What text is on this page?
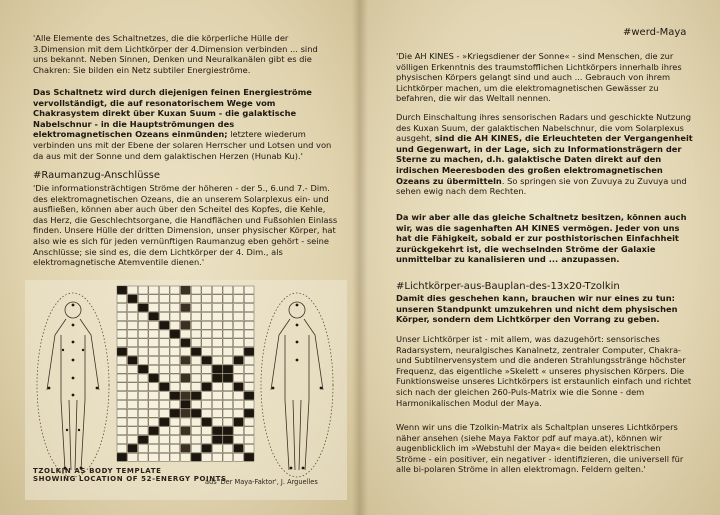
'Alle Elemente des Schaltnetzes, die die körperliche Hülle der 3.Dimension mit dem Lichtkörper der 4.Dimension verbinden ... sind uns bekannt. Neben Sinnen, Denken und Neuralkanälen gibt es die Chakren: Sie bilden ein Netz subtiler Energieströme.

Das Schaltnetz wird durch diejenigen feinen Energieströme vervollständigt, die auf resonatorischem Wege vom Chakrasystem direkt über Kuxan Suum - die galaktische Nabelschnur - in die Hauptströmungen des elektromagnetischen Ozeans einmünden; letztere wiederum verbinden uns mit der Ebene der solaren Herrscher und Lotsen und von da aus mit der Sonne und dem galaktischen Herzen (Hunab Ku).'

#Raumanzug-Anschlüsse

'Die informationsträchtigen Ströme der höheren - der 5., 6.und 7.- Dim. des elektromagnetischen Ozeans, die an unserem Solarplexus ein- und ausfließen, können aber auch über den Scheitel des Kopfes, die Kehle, das Herz, die Geschlechtsorgane, die Handflächen und Fußsohlen Einlass finden. Unsere Hülle der dritten Dimension, unser physischer Körper, hat also wie es sich für jeden vernünftigen Raumanzug eben gehört - seine Anschlüsse; sie sind es, die dem Lichtkörper der 4. Dim., als elektromagnetische Atemventile dienen.'

TZOLKIN AS BODY TEMPLATE
SHOWING LOCATION OF 52-ENERGY POINTS
aus 'Der Maya-Faktor', J. Arguelles
#werd-Maya

'Die AH KINES - »Kriegsdiener der Sonne« - sind Menschen, die zur völligen Erkenntnis des traumstofflichen Lichtkörpers innerhalb ihres physischen Körpers gelangt sind und auch ... Gebrauch von ihrem Lichtkörper machen, um die elektromagnetischen Gewässer zu befahren, die wir das Weltall nennen.

Durch Einschaltung ihres sensorischen Radars und geschickte Nutzung des Kuxan Suum, der galaktischen Nabelschnur, die vom Solarplexus ausgeht, sind die AH KINES, die Erleuchteten der Vergangenheit und Gegenwart, in der Lage, sich zu Informationsträgern der Sterne zu machen, d.h. galaktische Daten direkt auf den irdischen Meeresboden des großen elektromagnetischen Ozeans zu übermitteln. So springen sie von Zuvuya zu Zuvuya und sehen ewig nach dem Rechten.

Da wir aber alle das gleiche Schaltnetz besitzen, können auch wir, was die sagenhaften AH KINES vermögen. Jeder von uns hat die Fähigkeit, sobald er zur posthistorischen Einfachheit zurückgekehrt ist, die wechselnden Ströme der Galaxie unmittelbar zu kanalisieren und ... anzupassen.

#Lichtkörper-aus-Bauplan-des-13x20-Tzolkin

Damit dies geschehen kann, brauchen wir nur eines zu tun: unseren Standpunkt umzukehren und nicht dem physischen Körper, sondern dem Lichtkörper den Vorrang zu geben.

Unser Lichtkörper ist - mit allem, was dazugehört: sensorisches Radarsystem, neuralgisches Kanalnetz, zentraler Computer, Chakra- und Subtilnervensystem und die anderen Strahlungsstränge höchster Frequenz, das eigentliche »Skelett « unseres physischen Körpers. Die Funktionsweise unseres Lichtkörpers ist erstaunlich einfach und richtet sich nach der gleichen 260-Puls-Matrix wie die Sonne - dem Harmonikalischen Modul der Maya.

Wenn wir uns die Tzolkin-Matrix als Schaltplan unseres Lichtkörpers näher ansehen (siehe Maya Faktor pdf auf maya.at), können wir augenblicklich im »Webstuhl der Maya« die beiden elektrischen Ströme - ein positiver, ein negativer - identifizieren, die universell für alle bi-polaren Ströme in allen elektromagn. Feldern gelten.'
